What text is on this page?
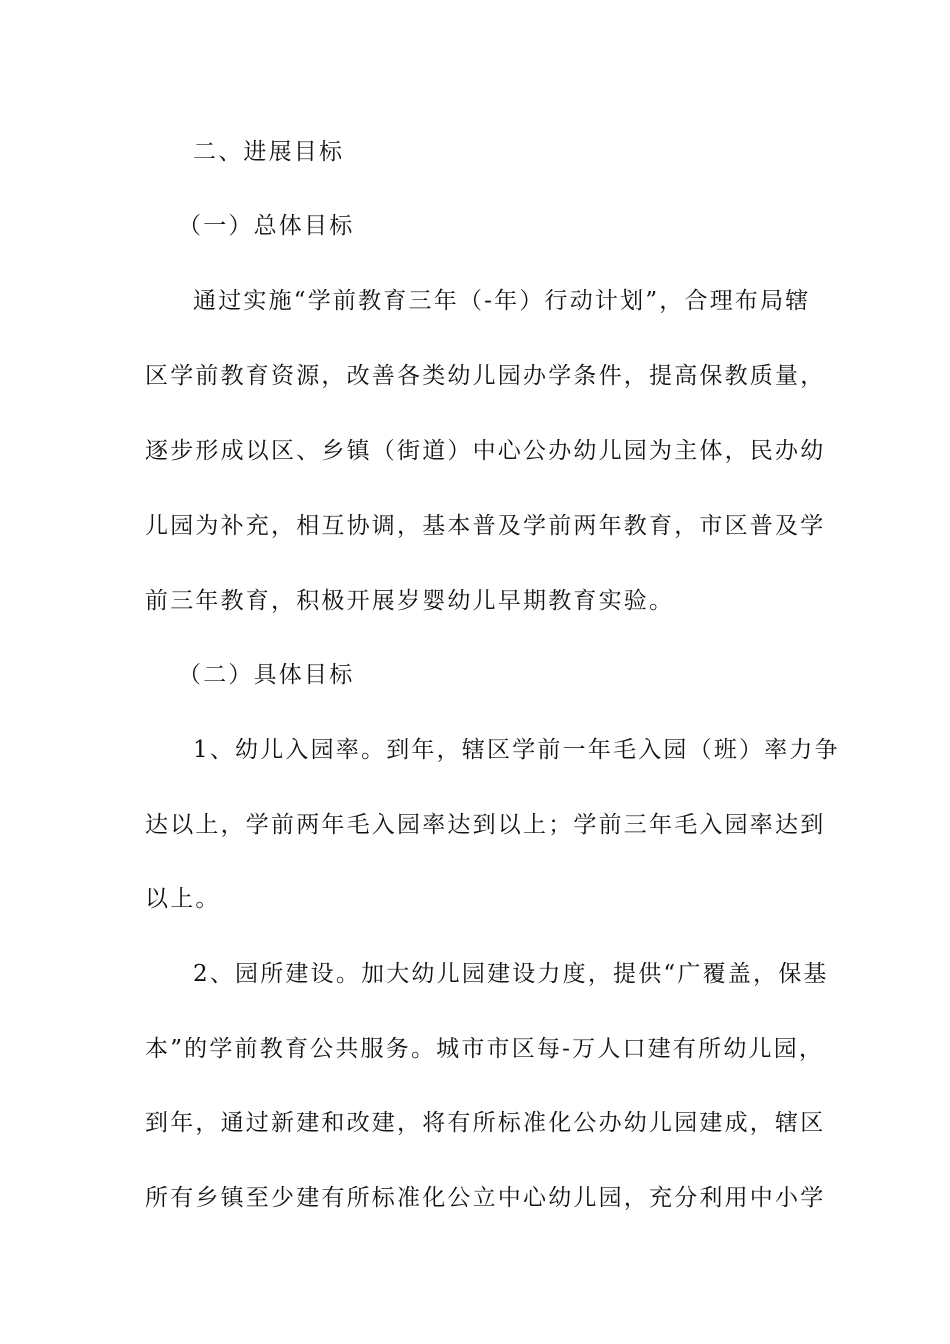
二、进展目标
（一）总体目标
通过实施“学前教育三年（-年）行动计划”，合理布局辖
区学前教育资源，改善各类幼儿园办学条件，提高保教质量，
逐步形成以区、乡镇（街道）中心公办幼儿园为主体，民办幼
儿园为补充，相互协调，基本普及学前两年教育，市区普及学
前三年教育，积极开展岁婴幼儿早期教育实验。
（二）具体目标
1、幼儿入园率。到年，辖区学前一年毛入园（班）率力争
达以上，学前两年毛入园率达到以上；学前三年毛入园率达到
以上。
2、园所建设。加大幼儿园建设力度，提供“广覆盖，保基
本”的学前教育公共服务。城市市区每-万人口建有所幼儿园，
到年，通过新建和改建，将有所标准化公办幼儿园建成，辖区
所有乡镇至少建有所标准化公立中心幼儿园，充分利用中小学
